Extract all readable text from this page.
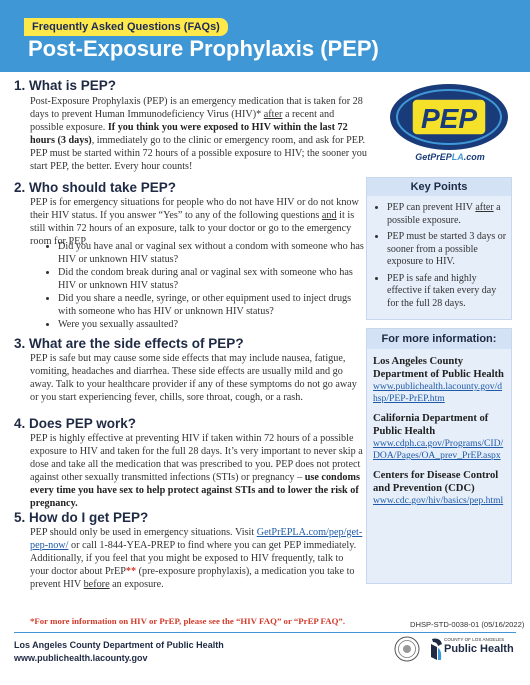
Frequently Asked Questions (FAQs)
Post-Exposure Prophylaxis (PEP)
1. What is PEP?
Post-Exposure Prophylaxis (PEP) is an emergency medication that is taken for 28 days to prevent Human Immunodeficiency Virus (HIV)* after a recent and possible exposure. If you think you were exposed to HIV within the last 72 hours (3 days), immediately go to the clinic or emergency room, and ask for PEP. PEP must be started within 72 hours of a possible exposure to HIV; the sooner you start PEP, the better. Every hour counts!
2. Who should take PEP?
PEP is for emergency situations for people who do not have HIV or do not know their HIV status. If you answer “Yes” to any of the following questions and it is still within 72 hours of an exposure, talk to your doctor or go to the emergency room for PEP.
• Did you have anal or vaginal sex without a condom with someone who has HIV or unknown HIV status?
• Did the condom break during anal or vaginal sex with someone who has HIV or unknown HIV status?
• Did you share a needle, syringe, or other equipment used to inject drugs with someone who has HIV or unknown HIV status?
• Were you sexually assaulted?
3. What are the side effects of PEP?
PEP is safe but may cause some side effects that may include nausea, fatigue, vomiting, headaches and diarrhea. These side effects are usually mild and go away. Talk to your healthcare provider if any of these symptoms do not go away or you start experiencing fever, chills, sore throat, cough, or a rash.
4. Does PEP work?
PEP is highly effective at preventing HIV if taken within 72 hours of a possible exposure to HIV and taken for the full 28 days. It’s very important to never skip a dose and take all the medication that was prescribed to you. PEP does not protect against other sexually transmitted infections (STIs) or pregnancy – use condoms every time you have sex to help protect against STIs and to lower the risk of pregnancy.
5. How do I get PEP?
PEP should only be used in emergency situations. Visit GetPrEPLA.com/pep/get-pep-now/ or call 1-844-YEA-PREP to find where you can get PEP immediately. Additionally, if you feel that you might be exposed to HIV frequently, talk to your doctor about PrEP** (pre-exposure prophylaxis), a medication you take to prevent HIV before an exposure.
PEP
GetPrEPLA.com
Key Points
• PEP can prevent HIV after a possible exposure.
• PEP must be started 3 days or sooner from a possible exposure to HIV.
• PEP is safe and highly effective if taken every day for the full 28 days.
For more information:
Los Angeles County Department of Public Health
www.publichealth.lacounty.gov/dhsp/PEP-PrEP.htm
California Department of Public Health
www.cdph.ca.gov/Programs/CID/DOA/Pages/OA_prev_PrEP.aspx
Centers for Disease Control and Prevention (CDC)
www.cdc.gov/hiv/basics/pep.html
*For more information on HIV or PrEP, please see the “HIV FAQ” or “PrEP FAQ”.	DHSP-STD-0038-01 (05/16/2022)
Los Angeles County Department of Public Health
www.publichealth.lacounty.gov
COUNTY OF LOS ANGELES
Public Health
